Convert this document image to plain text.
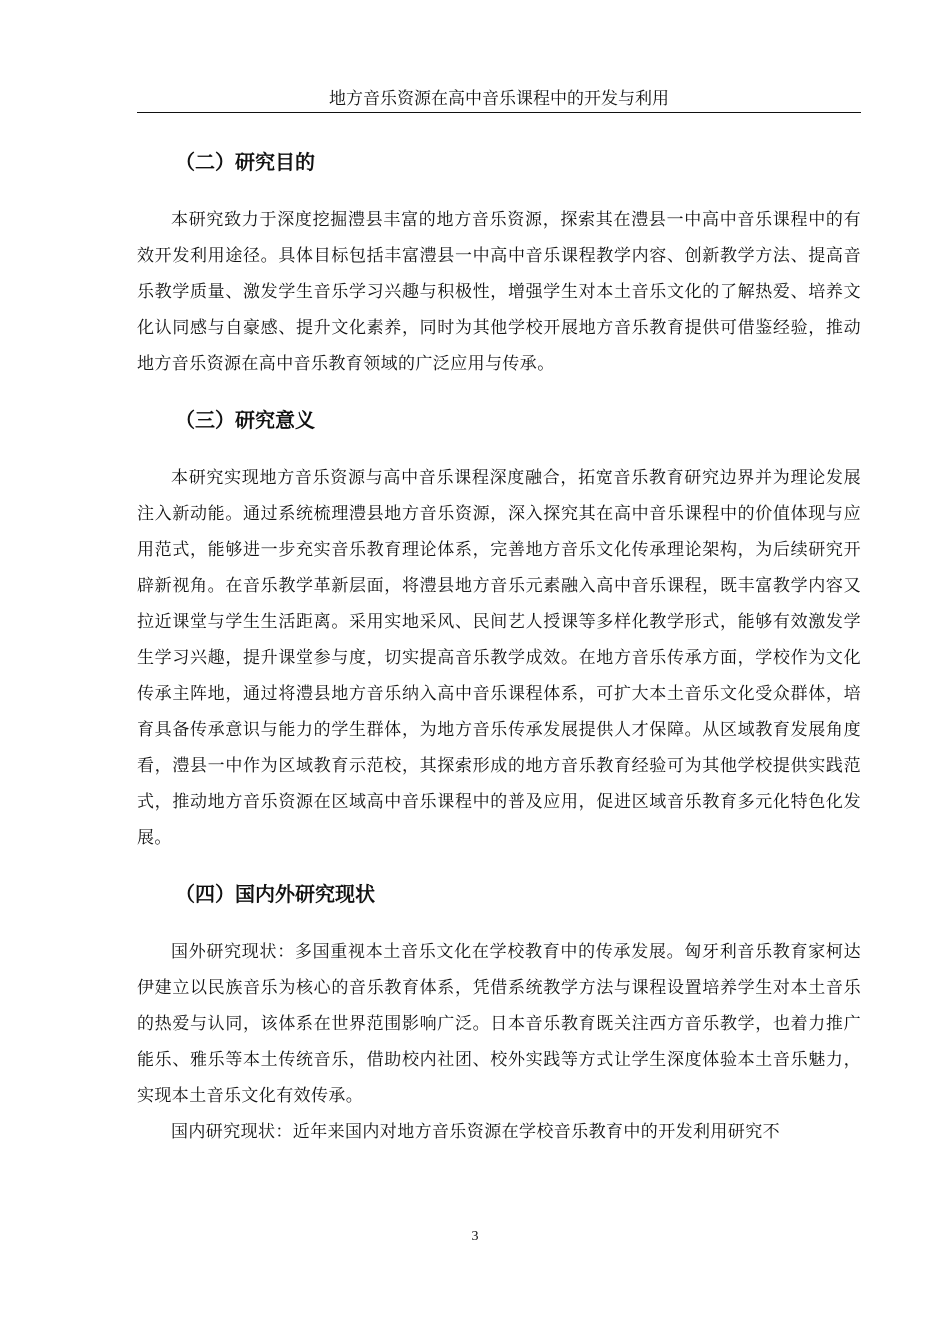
地方音乐资源在高中音乐课程中的开发与利用
（二）研究目的

本研究致力于深度挖掘澧县丰富的地方音乐资源，探索其在澧县一中高中音乐课程中的有效开发利用途径。具体目标包括丰富澧县一中高中音乐课程教学内容、创新教学方法、提高音乐教学质量、激发学生音乐学习兴趣与积极性，增强学生对本土音乐文化的了解热爱、培养文化认同感与自豪感、提升文化素养，同时为其他学校开展地方音乐教育提供可借鉴经验，推动地方音乐资源在高中音乐教育领域的广泛应用与传承。

（三）研究意义

本研究实现地方音乐资源与高中音乐课程深度融合，拓宽音乐教育研究边界并为理论发展注入新动能。通过系统梳理澧县地方音乐资源，深入探究其在高中音乐课程中的价值体现与应用范式，能够进一步充实音乐教育理论体系，完善地方音乐文化传承理论架构，为后续研究开辟新视角。在音乐教学革新层面，将澧县地方音乐元素融入高中音乐课程，既丰富教学内容又拉近课堂与学生生活距离。采用实地采风、民间艺人授课等多样化教学形式，能够有效激发学生学习兴趣，提升课堂参与度，切实提高音乐教学成效。在地方音乐传承方面，学校作为文化传承主阵地，通过将澧县地方音乐纳入高中音乐课程体系，可扩大本土音乐文化受众群体，培育具备传承意识与能力的学生群体，为地方音乐传承发展提供人才保障。从区域教育发展角度看，澧县一中作为区域教育示范校，其探索形成的地方音乐教育经验可为其他学校提供实践范式，推动地方音乐资源在区域高中音乐课程中的普及应用，促进区域音乐教育多元化特色化发展。

（四）国内外研究现状

国外研究现状：多国重视本土音乐文化在学校教育中的传承发展。匈牙利音乐教育家柯达伊建立以民族音乐为核心的音乐教育体系，凭借系统教学方法与课程设置培养学生对本土音乐的热爱与认同，该体系在世界范围影响广泛。日本音乐教育既关注西方音乐教学，也着力推广能乐、雅乐等本土传统音乐，借助校内社团、校外实践等方式让学生深度体验本土音乐魅力，实现本土音乐文化有效传承。

国内研究现状：近年来国内对地方音乐资源在学校音乐教育中的开发利用研究不

3
